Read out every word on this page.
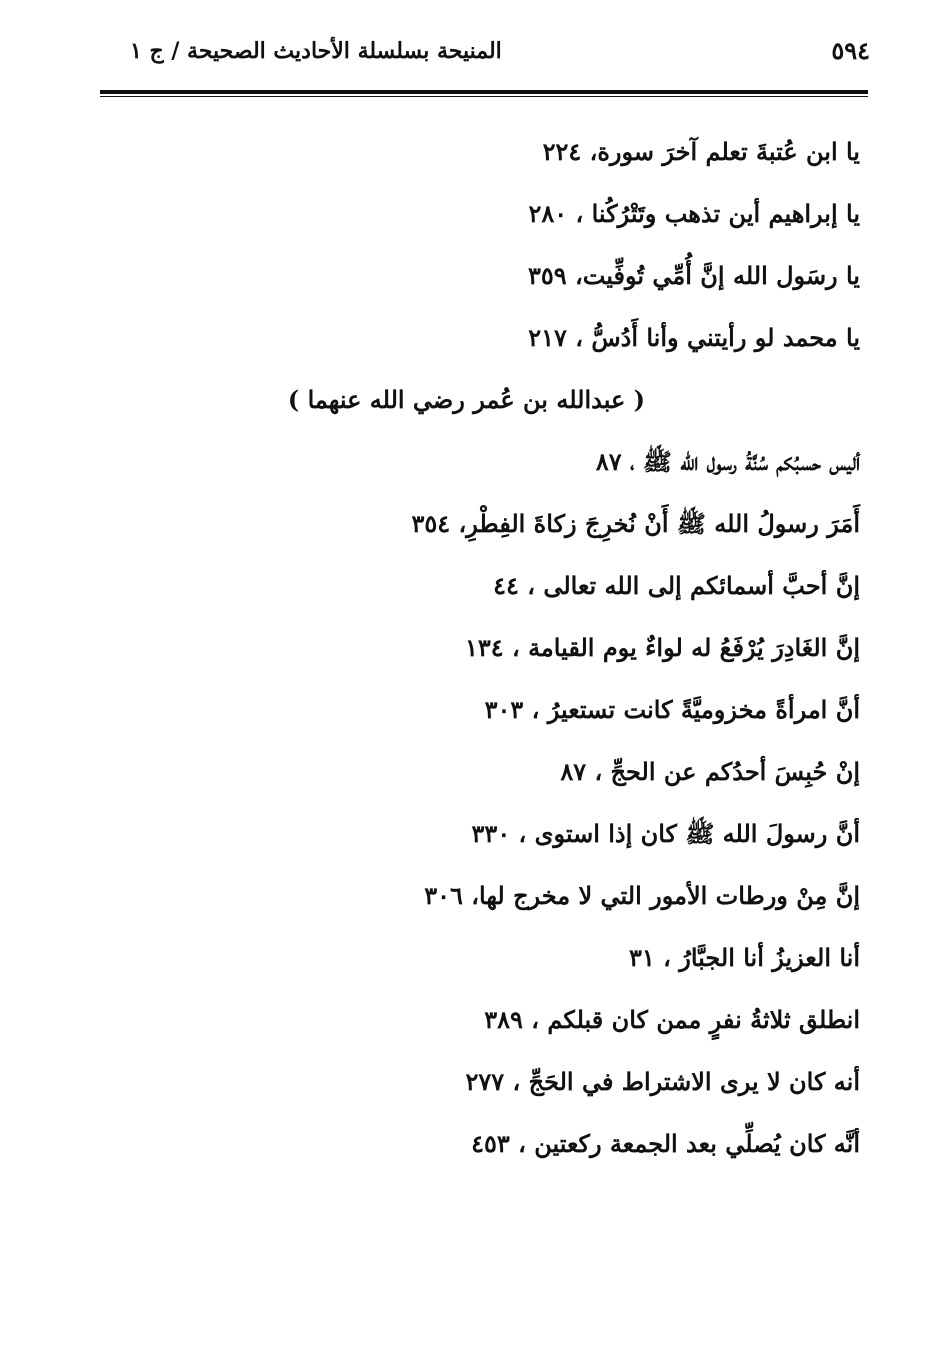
٥٩٤
المنيحة بسلسلة الأحاديث الصحيحة / ج ١
يا ابن عُتبةَ تعلم آخرَ سورة، ٢٢٤
يا إبراهيم أين تذهب وتَتْرُكُنا ، ٢٨٠
يا رسَول الله إنَّ أُمِّي تُوفِّيت، ٣٥٩
يا محمد لو رأيتني وأنا أَدُسُّ ، ٢١٧
( عبدالله بن عُمر رضي الله عنهما )
أليس حسبُكم سُنَّةُ رسول الله ﷺ ، ٨٧
أَمَرَ رسولُ الله ﷺ أَنْ نُخرِجَ زكاةَ الفِطْرِ، ٣٥٤
إنَّ أحبَّ أسمائكم إلى الله تعالى ، ٤٤
إنَّ الغَادِرَ يُرْفَعُ له لواءٌ يوم القيامة ، ١٣٤
أنَّ امرأةً مخزوميَّةً كانت تستعيرُ ، ٣٠٣
إنْ حُبِسَ أحدُكم عن الحجِّ ، ٨٧
أنَّ رسولَ الله ﷺ كان إذا استوى ، ٣٣٠
إنَّ مِنْ ورطات الأمور التي لا مخرج لها، ٣٠٦
أنا العزيزُ أنا الجبَّارُ ، ٣١
انطلق ثلاثةُ نفرٍ ممن كان قبلكم ، ٣٨٩
أنه كان لا يرى الاشتراط في الحَجِّ ، ٢٧٧
أنَّه كان يُصلِّي بعد الجمعة ركعتين ، ٤٥٣
